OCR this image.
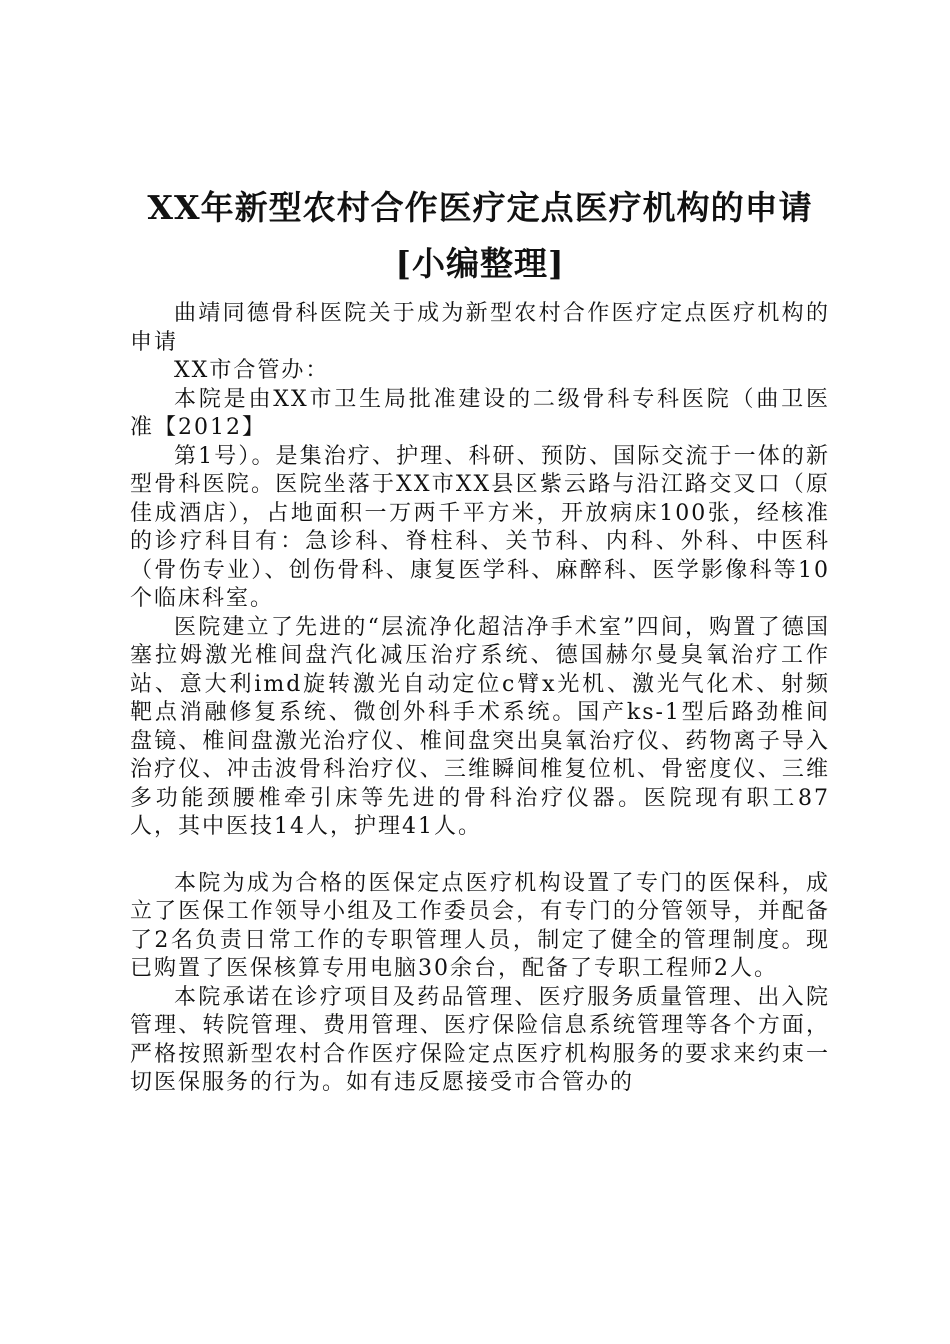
XX年新型农村合作医疗定点医疗机构的申请
[小编整理]

曲靖同德骨科医院关于成为新型农村合作医疗定点医疗机构的申请

XX市合管办：

本院是由XX市卫生局批准建设的二级骨科专科医院（曲卫医准【2012】

第1号）。是集治疗、护理、科研、预防、国际交流于一体的新型骨科医院。医院坐落于XX市XX县区紫云路与沿江路交叉口（原佳成酒店），占地面积一万两千平方米，开放病床100张，经核准的诊疗科目有：急诊科、脊柱科、关节科、内科、外科、中医科（骨伤专业）、创伤骨科、康复医学科、麻醉科、医学影像科等10个临床科室。

医院建立了先进的“层流净化超洁净手术室”四间，购置了德国塞拉姆激光椎间盘汽化减压治疗系统、德国赫尔曼臭氧治疗工作站、意大利imd旋转激光自动定位c臂x光机、激光气化术、射频靶点消融修复系统、微创外科手术系统。国产ks-1型后路劲椎间盘镜、椎间盘激光治疗仪、椎间盘突出臭氧治疗仪、药物离子导入治疗仪、冲击波骨科治疗仪、三维瞬间椎复位机、骨密度仪、三维多功能颈腰椎牵引床等先进的骨科治疗仪器。医院现有职工87人，其中医技14人，护理41人。

本院为成为合格的医保定点医疗机构设置了专门的医保科，成立了医保工作领导小组及工作委员会，有专门的分管领导，并配备了2名负责日常工作的专职管理人员，制定了健全的管理制度。现已购置了医保核算专用电脑30余台，配备了专职工程师2人。

本院承诺在诊疗项目及药品管理、医疗服务质量管理、出入院管理、转院管理、费用管理、医疗保险信息系统管理等各个方面，严格按照新型农村合作医疗保险定点医疗机构服务的要求来约束一切医保服务的行为。如有违反愿接受市合管办的
